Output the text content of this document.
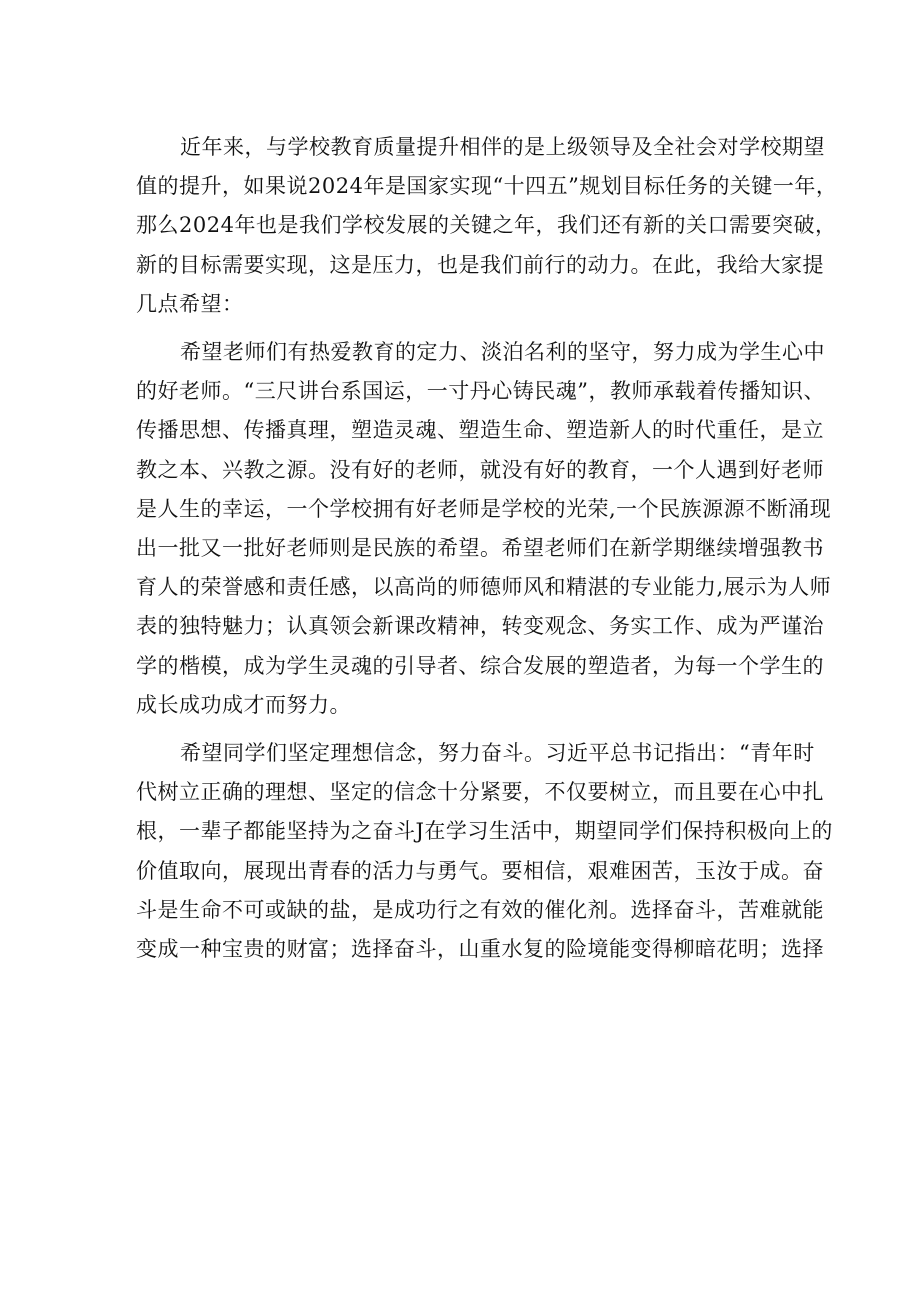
近年来，与学校教育质量提升相伴的是上级领导及全社会对学校期望
值的提升，如果说2024年是国家实现“十四五”规划目标任务的关键一年，
那么2024年也是我们学校发展的关键之年，我们还有新的关口需要突破，
新的目标需要实现，这是压力，也是我们前行的动力。在此，我给大家提
几点希望：
希望老师们有热爱教育的定力、淡泊名利的坚守，努力成为学生心中
的好老师。“三尺讲台系国运，一寸丹心铸民魂”，教师承载着传播知识、
传播思想、传播真理，塑造灵魂、塑造生命、塑造新人的时代重任，是立
教之本、兴教之源。没有好的老师，就没有好的教育，一个人遇到好老师
是人生的幸运，一个学校拥有好老师是学校的光荣,一个民族源源不断涌现
出一批又一批好老师则是民族的希望。希望老师们在新学期继续增强教书
育人的荣誉感和责任感，以高尚的师德师风和精湛的专业能力,展示为人师
表的独特魅力；认真领会新课改精神，转变观念、务实工作、成为严谨治
学的楷模，成为学生灵魂的引导者、综合发展的塑造者，为每一个学生的
成长成功成才而努力。
希望同学们坚定理想信念，努力奋斗。习近平总书记指出：“青年时
代树立正确的理想、坚定的信念十分紧要，不仅要树立，而且要在心中扎
根，一辈子都能坚持为之奋斗J在学习生活中，期望同学们保持积极向上的
价值取向，展现出青春的活力与勇气。要相信，艰难困苦，玉汝于成。奋
斗是生命不可或缺的盐，是成功行之有效的催化剂。选择奋斗，苦难就能
变成一种宝贵的财富；选择奋斗，山重水复的险境能变得柳暗花明；选择
